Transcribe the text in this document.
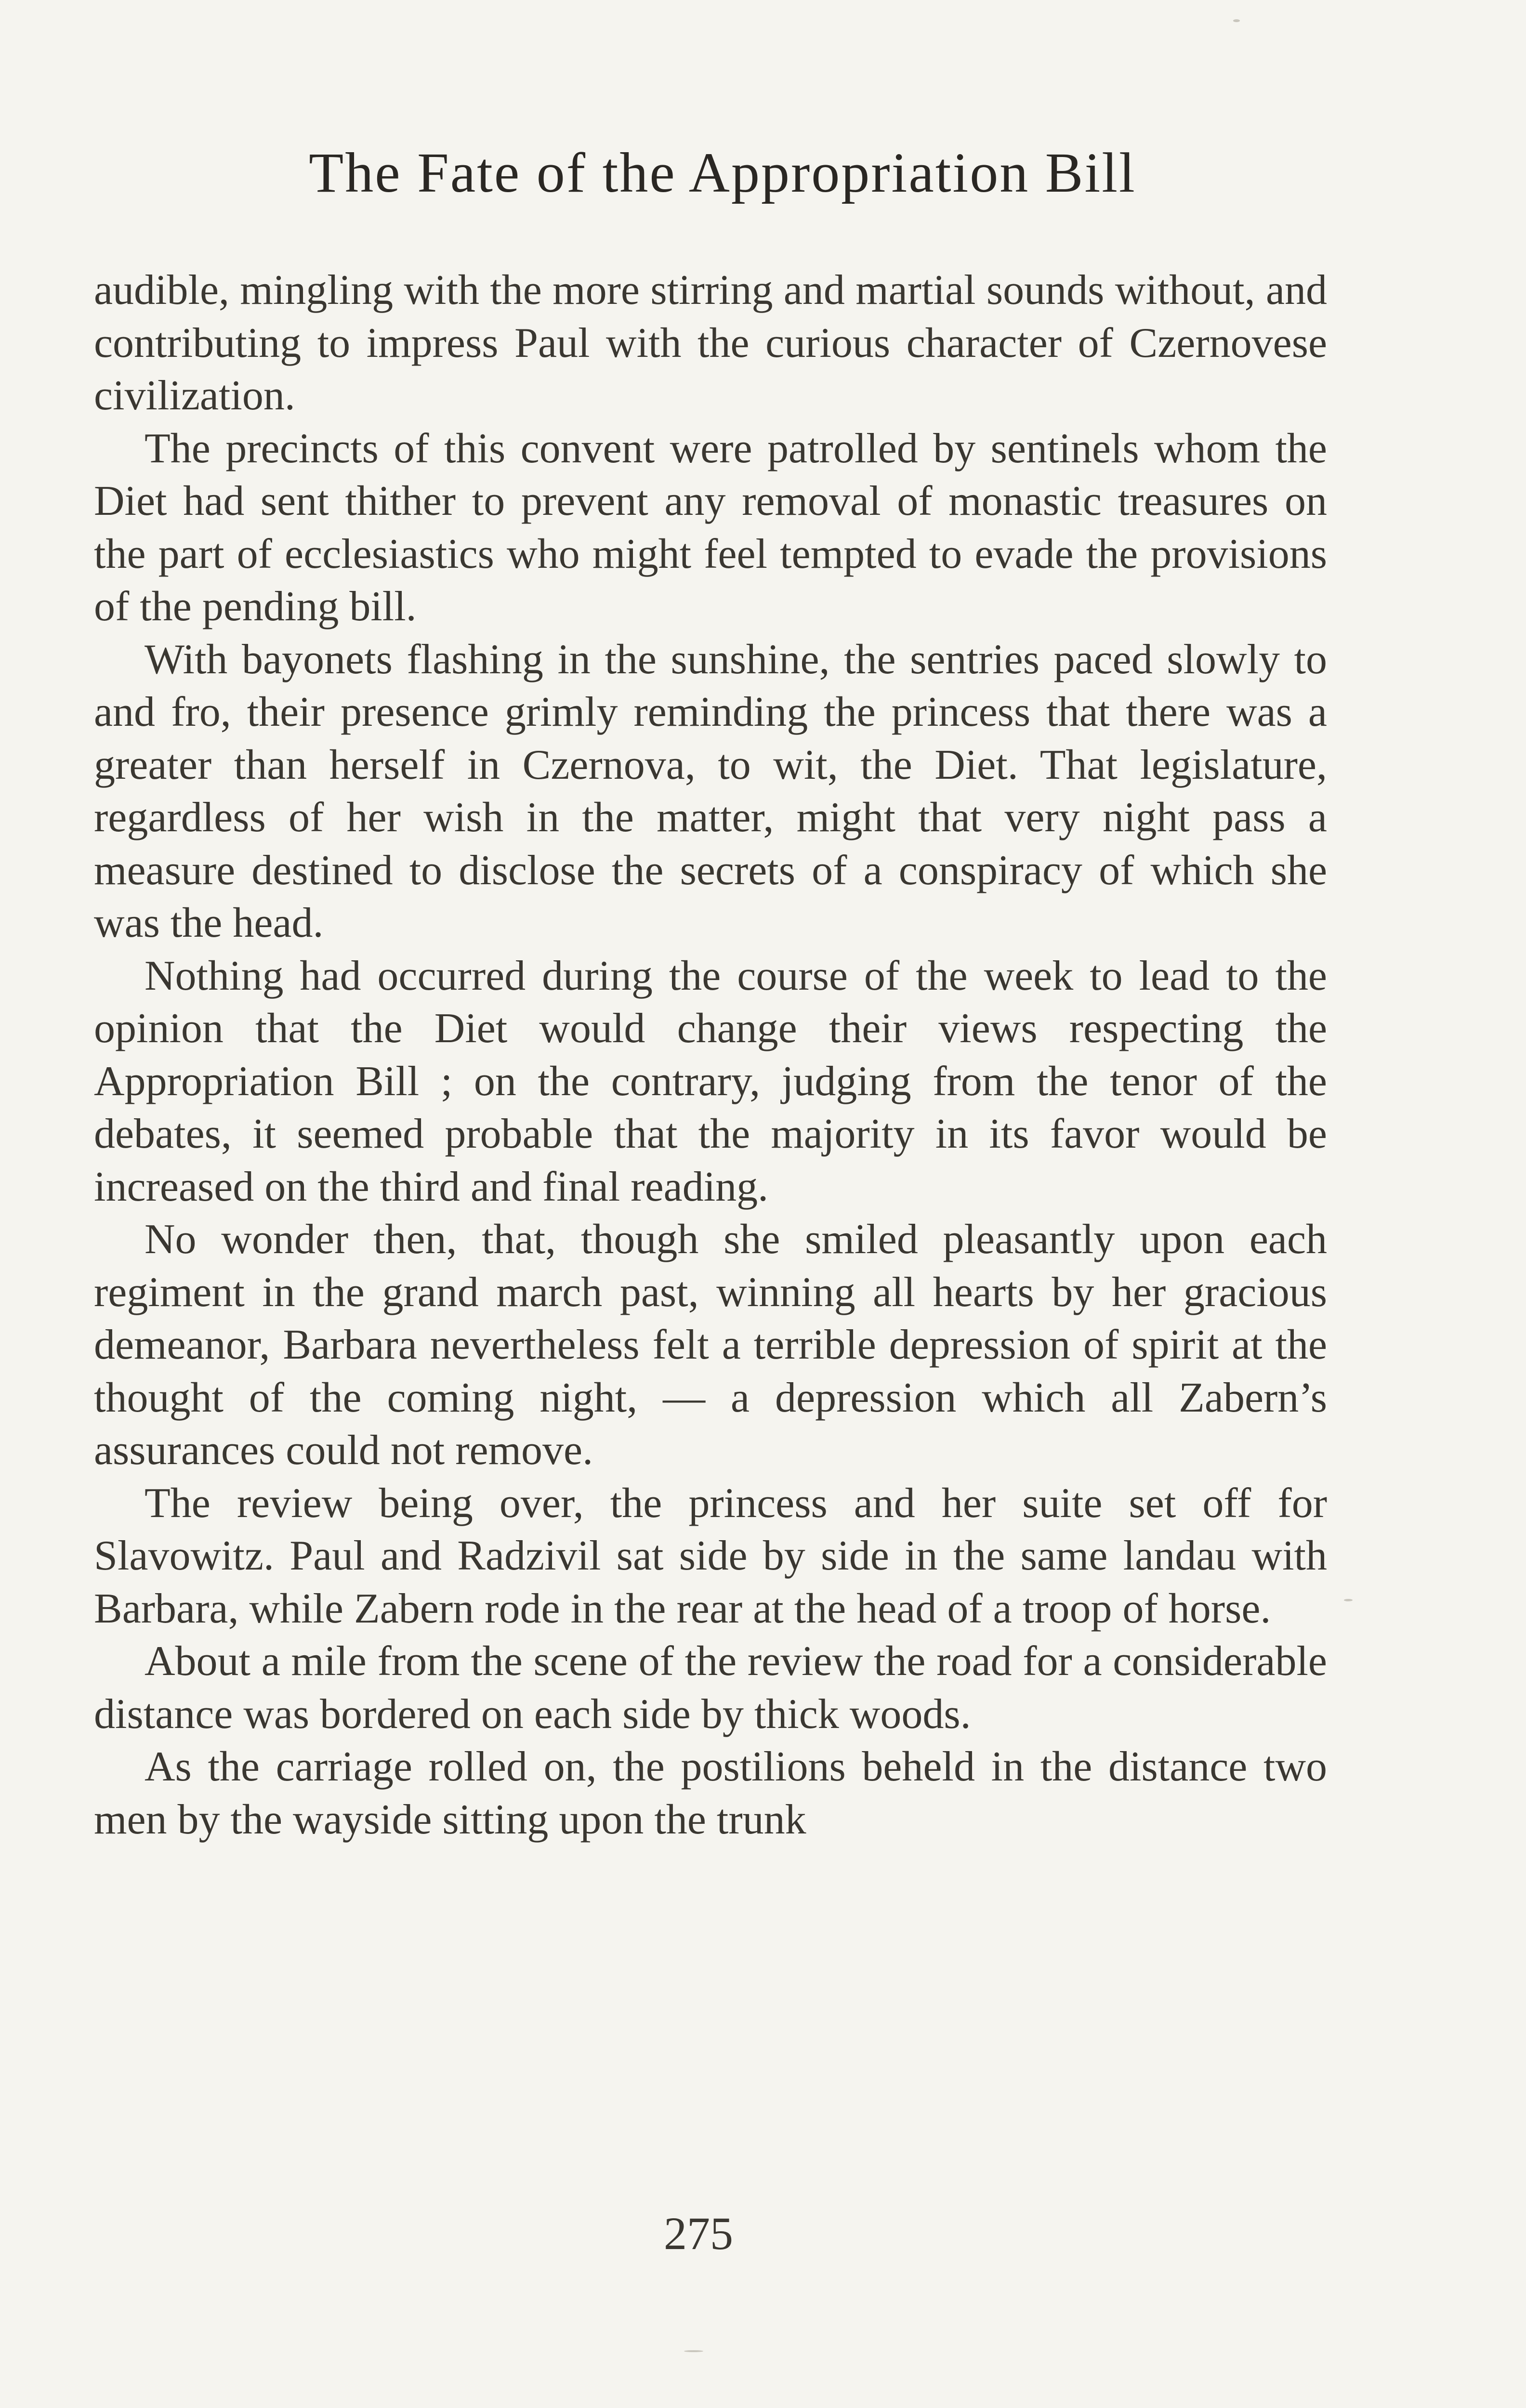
The Fate of the Appropriation Bill

audible, mingling with the more stirring and martial sounds without, and contributing to impress Paul with the curious character of Czernovese civilization.

The precincts of this convent were patrolled by sentinels whom the Diet had sent thither to prevent any removal of monastic treasures on the part of ecclesiastics who might feel tempted to evade the provisions of the pending bill.

With bayonets flashing in the sunshine, the sentries paced slowly to and fro, their presence grimly reminding the princess that there was a greater than herself in Czernova, to wit, the Diet. That legislature, regardless of her wish in the matter, might that very night pass a measure destined to disclose the secrets of a conspiracy of which she was the head.

Nothing had occurred during the course of the week to lead to the opinion that the Diet would change their views respecting the Appropriation Bill ; on the contrary, judging from the tenor of the debates, it seemed probable that the majority in its favor would be increased on the third and final reading.

No wonder then, that, though she smiled pleasantly upon each regiment in the grand march past, winning all hearts by her gracious demeanor, Barbara nevertheless felt a terrible depression of spirit at the thought of the coming night, — a depression which all Zabern’s assurances could not remove.

The review being over, the princess and her suite set off for Slavowitz. Paul and Radzivil sat side by side in the same landau with Barbara, while Zabern rode in the rear at the head of a troop of horse.

About a mile from the scene of the review the road for a considerable distance was bordered on each side by thick woods.

As the carriage rolled on, the postilions beheld in the distance two men by the wayside sitting upon the trunk

275
